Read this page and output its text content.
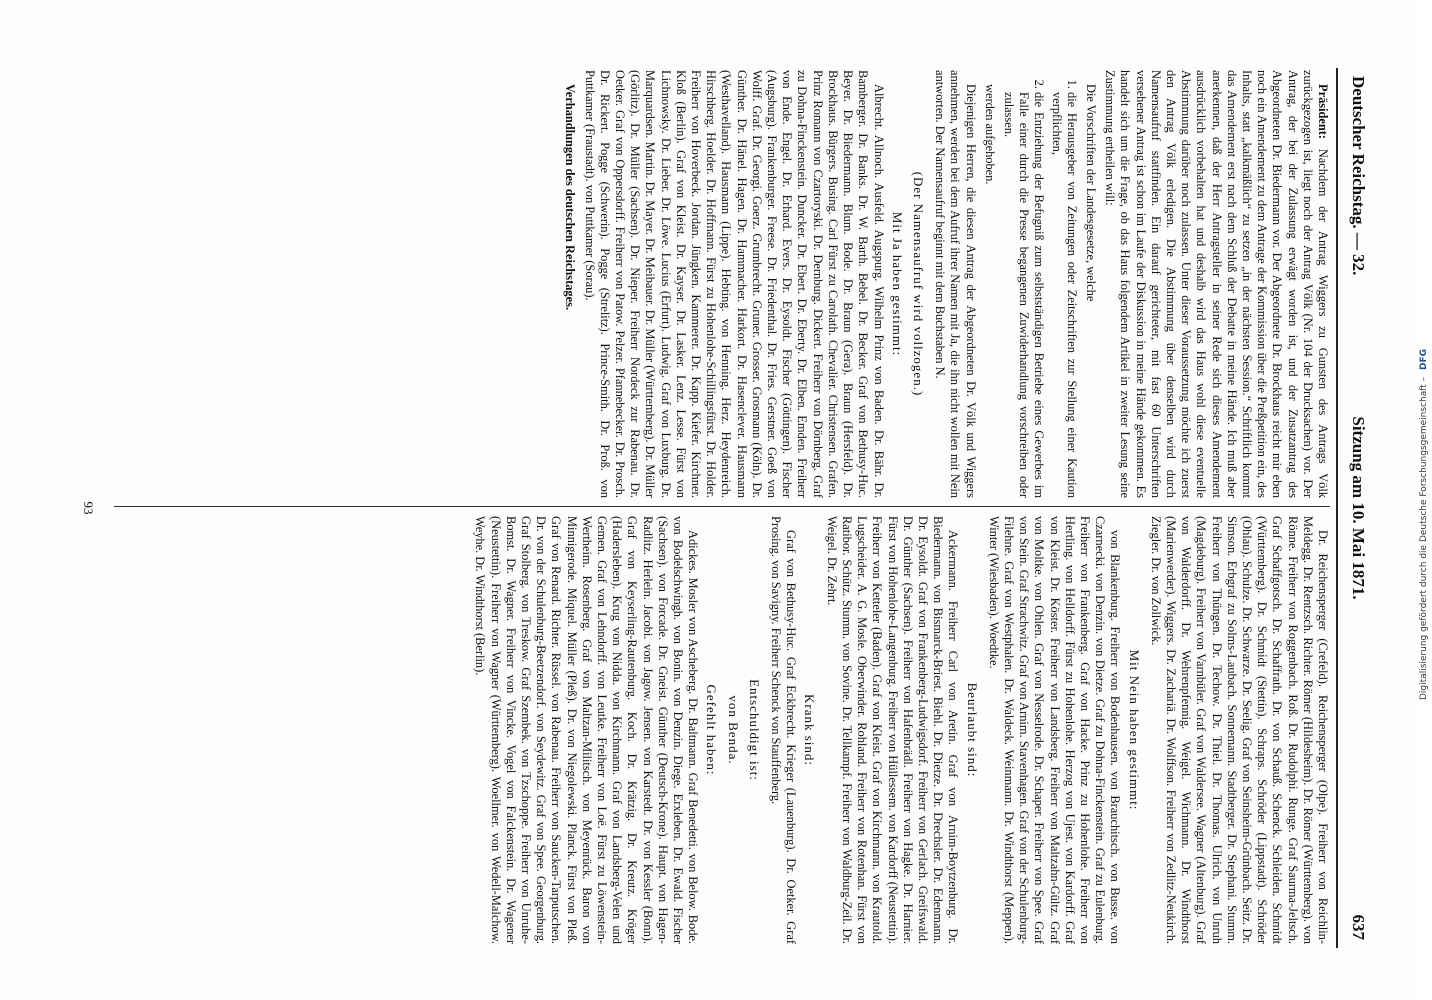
Deutscher Reichstag. — 32.
Sitzung am 10. Mai 1871.
637

Präsident: Nachdem der Antrag Wiggers zu Gunsten des Antrags Völk zurückgezogen ist, liegt noch der Antrag Völk (Nr. 104 der Drucksachen) vor. Der Antrag, der bei der Zulassung erwägt worden ist, und der Zusatzantrag des Abgeordneten Dr. Biedermann vor. Der Abgeordnete Dr. Brockhaus reicht mir eben noch ein Amendement zu dem Antrage der Kommission über die Preßpetition ein, des Inhalts, statt „kalkmäßlich“ zu setzen „in der nächsten Session.“ Schriftlich kommt das Amendement erst nach dem Schluß der Debatte in meine Hände. Ich muß aber anerkennen, daß der Herr Antragsteller in seiner Rede sich dieses Amendement ausdrücklich vorbehalten hat und deshalb wird das Haus wohl diese eventuelle Abstimmung darüber noch zulassen. Unter dieser Voraussetzung möchte ich zuerst den Antrag Völk erledigen. Die Abstimmung über denselben wird durch Namensaufruf stattfinden. Ein darauf gerichteter, mit fast 60 Unterschriften versehener Antrag ist schon im Laufe der Diskussion in meine Hände gekommen. Es handelt sich um die Frage, ob das Haus folgendem Artikel in zweiter Lesung seine Zustimmung ertheilen will:

Die Vorschriften der Landesgesetze, welche

1. die Herausgeber von Zeitungen oder Zeitschriften zur Stellung einer Kaution verpflichten,
2. die Entziehung der Befugniß zum selbstständigen Betriebe eines Gewerbes im Falle einer durch die Presse begangenen Zuwiderhandlung vorschreiben oder zulassen.

werden aufgehoben.

Diejenigen Herren, die diesen Antrag der Abgeordneten Dr. Völk und Wiggers annehmen, werden bei dem Aufruf ihrer Namen mit Ja, die ihn nicht wollen mit Nein antworten. Der Namensaufruf beginnt mit dem Buchstaben N.

(Der Namensaufruf wird vollzogen.)

Mit Ja haben gestimmt:

Albrecht. Allnoch. Ausfeld. Augspurg. Wilhelm Prinz von Baden. Dr. Bähr. Dr. Bamberger. Dr. Banks. Dr. W. Barth. Bebel. Dr. Becker. Graf von Bethusy-Huc. Beyer. Dr. Biedermann. Blum. Bode. Dr. Braun (Gera). Braun (Hersfeld). Dr. Brockhaus. Bürgers. Busing. Carl Fürst zu Carolath. Chevalier. Christensen. Grafen. Prinz Romann von Czartoryski. Dr. Dernburg. Dickert. Freiherr von Dörnberg. Graf zu Dohna-Finckenstein. Duncker. Dr. Ebert. Dr. Eberty. Dr. Elben. Emden. Freiherr von Ende. Engel. Dr. Erhard. Evers. Dr. Eysoldt. Fischer (Göttingen). Fischer (Augsburg). Frankenburger. Freese. Dr. Friedenthal. Dr. Fries. Gerstner. Goeß von Wolff. Graf. Dr. Georgi. Goerz. Grumbrecht. Gruner. Grosser. Grosmann (Köln). Dr. Günther. Dr. Hänel. Hagen. Dr. Hammacher. Harkort. Dr. Hasenclever. Hausmann (Westhavelland). Hausmann (Lippe). Hebting. von Henning. Herz. Heydenreich. Hirschberg. Hoelder. Dr. Hoffmann. Fürst zu Hohenlohe-Schillingsfürst. Dr. Holder. Freiherr von Hoverbeck. Jordan. Jüngken. Kammerer. Dr. Kapp. Kiefer. Kirchner. Kloß (Berlin). Graf von Kleist. Dr. Kayser. Dr. Lasker. Lenz. Lesse. Fürst von Lichnowsky. Dr. Lieber. Dr. Löwe. Lucius (Erfurt). Ludwig. Graf von Luxburg. Dr. Marquardsen. Martin. Dr. Mayer. Dr. Meibauer. Dr. Müller (Württemberg). Dr. Müller (Görlitz). Dr. Müller (Sachsen). Dr. Nieper. Freiherr Nordeck zur Rabenau. Dr. Oetker. Graf von Oppersdorff. Freiherr von Patow. Pelzer. Pfannebecker. Dr. Prosch. Dr. Rickert. Pogge (Schwerin). Pogge (Strelitz). Prince-Smith. Dr. Proß. von Puttkamer (Fraustadt). von Puttkamer (Sorau).

Verhandlungen des deutschen Reichstages.

Dr. Reichensperger (Crefeld). Reichensperger (Olpe). Freiherr von Reichlin-Meldegg. Dr. Rentzsch. Richter. Römer (Hildesheim). Dr. Römer (Württemberg). von Rönne. Freiherr von Roggenbach. Roß. Dr. Rudolphi. Runge. Graf Saurma-Jeltsch. Graf Schaffgotsch. Dr. Schaffrath. Dr. von Schauß. Schenck. Schleiden. Schmidt (Württemberg). Dr. Schmidt (Stettin). Schraps. Schröder (Lippstadt). Schröder (Ohlau). Schulze. Dr. Schwarze. Dr. Seelig. Graf von Seinsheim-Grünbach. Seitz. Dr. Simson. Erbgraf zu Solms-Laubach. Sonnemann. Stadtberger. Dr. Stephani. Stumm. Freiherr von Thüngen. Dr. Techow. Dr. Thiel. Dr. Thomas. Ulrich. von Unruh (Magdeburg). Freiherr von Varnbüler. Graf von Waldersee. Wagner (Altenburg). Graf von Walderdorff. Dr. Wehrenpfennig. Weigel. Wichmann. Dr. Windthorst (Marienwerder). Wiggers. Dr. Zachariä. Dr. Wolffson. Freiherr von Zedlitz-Neukirch. Ziegler. Dr. von Zollwick.

Mit Nein haben gestimmt:

von Blankenburg. Freiherr von Bodenhausen. von Brauchitsch. von Busse. von Czarnecki. von Denzin. von Dietze. Graf zu Dohna-Finckenstein. Graf zu Eulenburg. Freiherr von Frankenberg. Graf von Hacke. Prinz zu Hohenlohe. Freiherr von Hertling. von Helldorff. Fürst zu Hohenlohe. Herzog von Ujest. von Kardorff. Graf von Kleist. Dr. Köster. Freiherr von Landsberg. Freiherr von Maltzahn-Gültz. Graf von Moltke. von Ohlen. Graf von Nesselrode. Dr. Schaper. Freiherr von Spee. Graf von Stein. Graf Strachwitz. Graf von Arnim. Stavenhagen. Graf von der Schulenburg-Filehne. Graf von Westphalen. Dr. Waldeck. Weinmann. Dr. Windthorst (Meppen). Winter (Wiesbaden). Woedtke.

Beurlaubt sind:

Ackermann. Freiherr Carl von Aretin. Graf von Arnim-Boytzenburg. Dr. Biedermann. von Bismarck-Briest. Biehl. Dr. Dietze. Dr. Drechsler. Dr. Edenmann. Dr. Eysoldt. Graf von Frankenberg-Ludwigsdorf. Freiherr von Gerlach. Greifswald. Dr. Günther (Sachsen). Freiherr von Hafenbrädl. Freiherr von Hagke. Dr. Harnier. Fürst von Hohenlohe-Langenburg. Freiherr von Hüllessem. von Kardorff (Neustettin). Freiherr von Ketteler (Baden). Graf von Kleist. Graf von Kirchmann. von Krautold. Lugscheider. A. G. Mosle. Oberwinder. Rohland. Freiherr von Rotenhan. Fürst von Ratibor. Schütz. Stumm. von Sovine. Dr. Tellkampf. Freiherr von Waldburg-Zeil. Dr. Weigel. Dr. Zehrt.

Krank sind:

Graf von Bethusy-Huc. Graf Eckbrecht. Krieger (Lauenburg). Dr. Oetker. Graf Prosing. von Savigny. Freiherr Schenck von Stauffenberg.

Entschuldigt ist:

von Benda.

Gefehlt haben:

Adickes. Mosler von Ascheberg. Dr. Baltmann. Graf Benedetti. von Below. Bode. von Bodelschwingh. von Bonin. von Denzin. Diege. Erxleben. Dr. Ewald. Fischer (Sachsen). von Forcade. Dr. Gneist. Günther (Deutsch-Krone). Haupt. von Hagen-Radlitz. Herlein. Jacobi. von Jagow. Jensen. von Karstedt. Dr. von Kessler (Bonn). Graf von Keyserling-Rautenburg. Koch. Dr. Krätzig. Dr. Kreutz. Kröger (Hadersleben). Krug von Nidda. von Kirchmann. Graf von Landsberg-Velen und Gemen. Graf von Lehndorff. von Leutke. Freiherr von Loë. Fürst zu Löwenstein-Wertheim. Rosenberg. Graf von Maltzan-Militsch. von Meyenrück. Baron von Minnigerode. Miquel. Müller (Pleß). Dr. von Niegolewski. Planck. Fürst von Pleß. Graf von Renard. Richter. Rüssel. von Rabenau. Freiherr von Saucken-Tarputschen. Dr. von der Schulenburg-Beetzendorf. von Seydewitz. Graf von Spee. Georgenburg. Graf Stolberg. von Treskow. Graf Szembek. von Tzschoppe. Freiherr von Unruhe-Bomst. Dr. Wagner. Freiherr von Vincke. Vogel von Falckenstein. Dr. Wagener (Neustettin). Freiherr von Wagner (Württemberg). Woellmer. von Wedell-Malchow. Weyhe. Dr. Windthorst (Berlin).

93	Digitalisierung gefördert durch die Deutsche Forschungsgemeinschaft – DFG
